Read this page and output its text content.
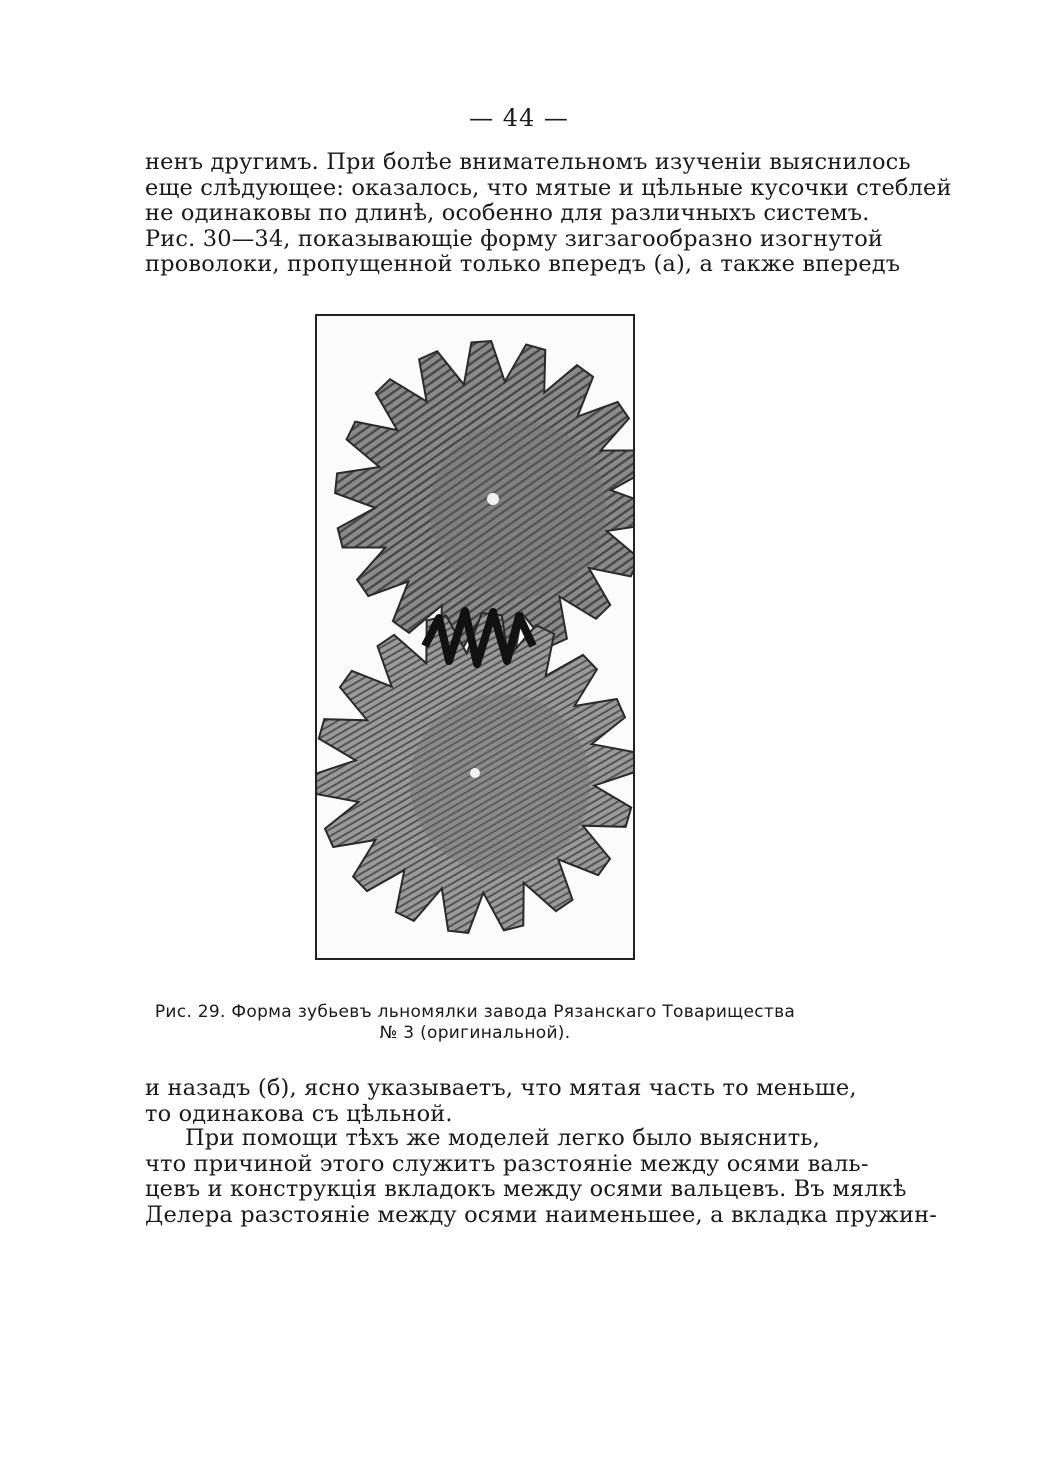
— 44 —
ненъ другимъ. При болѣе внимательномъ изученіи выяснилось
еще слѣдующее: оказалось, что мятые и цѣльные кусочки стеблей
не одинаковы по длинѣ, особенно для различныхъ системъ.
Рис. 30—34, показывающіе форму зигзагообразно изогнутой
проволоки, пропущенной только впередъ (а), а также впередъ
Рис. 29. Форма зубьевъ льномялки завода Рязанскаго Товарищества
№ 3 (оригинальной).
и назадъ (б), ясно указываетъ, что мятая часть то меньше,
то одинакова съ цѣльной.
При помощи тѣхъ же моделей легко было выяснить,
что причиной этого служитъ разстояніе между осями валь-
цевъ и конструкція вкладокъ между осями вальцевъ. Въ мялкѣ
Делера разстояніе между осями наименьшее, а вкладка пружин-
